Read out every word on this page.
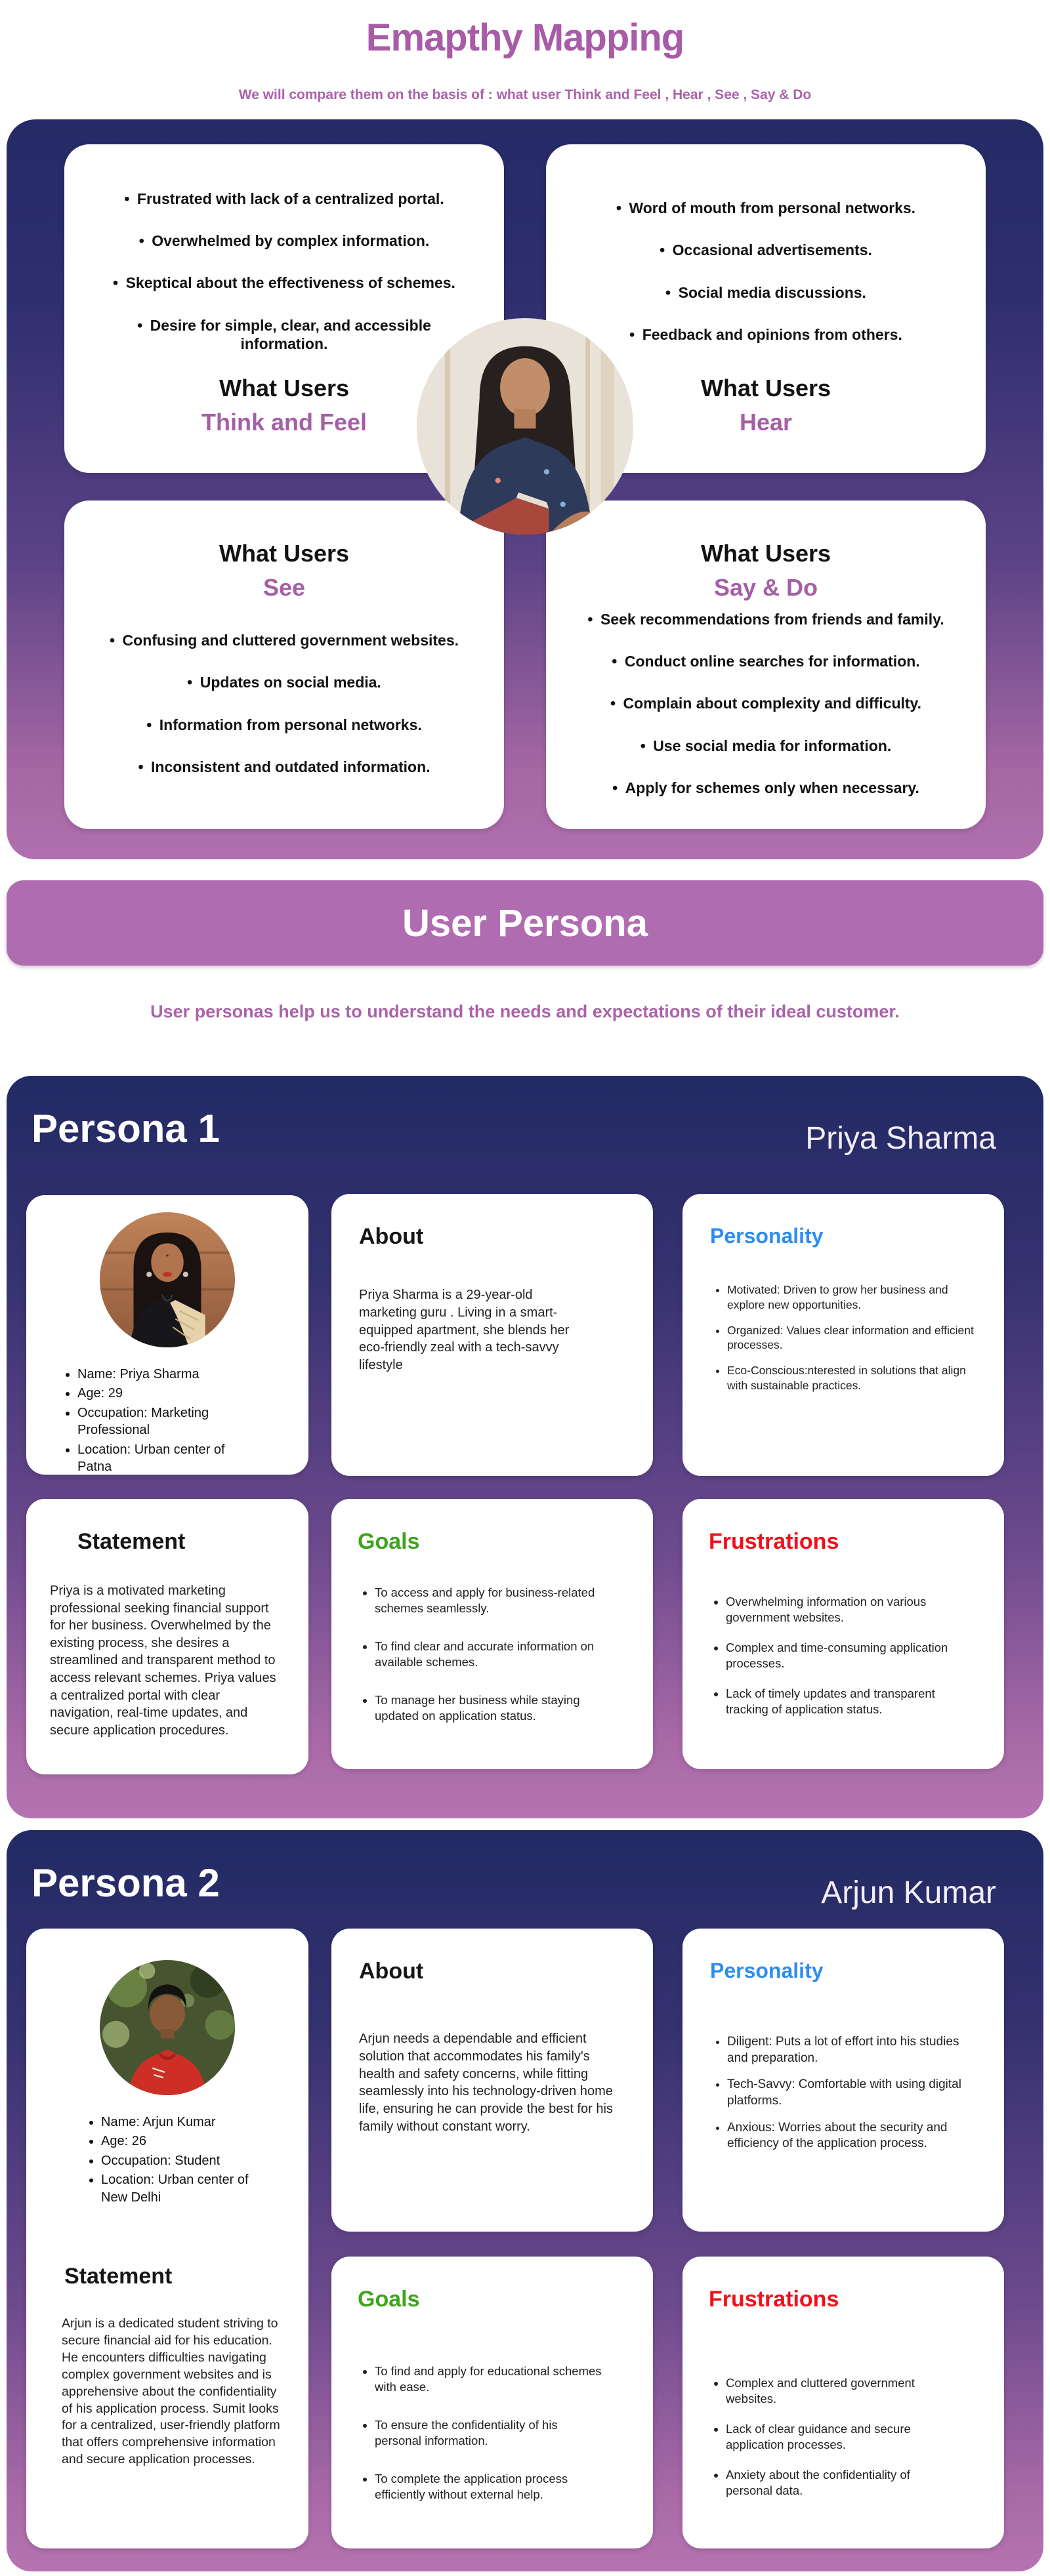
Emapthy Mapping
We will compare them on the basis of : what user Think and Feel , Hear , See , Say & Do
• Frustrated with lack of a centralized portal.
• Overwhelmed by complex information.
• Skeptical about the effectiveness of schemes.
• Desire for simple, clear, and accessible information.
What Users
Think and Feel
• Word of mouth from personal networks.
• Occasional advertisements.
• Social media discussions.
• Feedback and opinions from others.
What Users
Hear
What Users
See
• Confusing and cluttered government websites.
• Updates on social media.
• Information from personal networks.
• Inconsistent and outdated information.
What Users
Say & Do
• Seek recommendations from friends and family.
• Conduct online searches for information.
• Complain about complexity and difficulty.
• Use social media for information.
• Apply for schemes only when necessary.
User Persona
User personas help us to understand the needs and expectations of their ideal customer.
Persona 1	Priya Sharma
• Name: Priya Sharma
• Age: 29
• Occupation: Marketing Professional
• Location: Urban center of Patna
About

Priya Sharma is a 29-year-old marketing guru . Living in a smart-equipped apartment, she blends her eco-friendly zeal with a tech-savvy lifestyle

Personality
• Motivated: Driven to grow her business and explore new opportunities.
• Organized: Values clear information and efficient processes.
• Eco-Conscious:nterested in solutions that align with sustainable practices.
Statement

Priya is a motivated marketing professional seeking financial support for her business. Overwhelmed by the existing process, she desires a streamlined and transparent method to access relevant schemes. Priya values a centralized portal with clear navigation, real-time updates, and secure application procedures.

Goals
• To access and apply for business-related schemes seamlessly.
• To find clear and accurate information on available schemes.
• To manage her business while staying updated on application status.
Frustrations
• Overwhelming information on various government websites.
• Complex and time-consuming application processes.
• Lack of timely updates and transparent tracking of application status.
Persona 2	Arjun Kumar
• Name: Arjun Kumar
• Age: 26
• Occupation: Student
• Location: Urban center of New Delhi
Statement

Arjun is a dedicated student striving to secure financial aid for his education. He encounters difficulties navigating complex government websites and is apprehensive about the confidentiality of his application process. Sumit looks for a centralized, user-friendly platform that offers comprehensive information and secure application processes.

About

Arjun needs a dependable and efficient solution that accommodates his family's health and safety concerns, while fitting seamlessly into his technology-driven home life, ensuring he can provide the best for his family without constant worry.

Personality
• Diligent: Puts a lot of effort into his studies and preparation.
• Tech-Savvy: Comfortable with using digital platforms.
• Anxious: Worries about the security and efficiency of the application process.
Goals
• To find and apply for educational schemes with ease.
• To ensure the confidentiality of his personal information.
• To complete the application process efficiently without external help.
Frustrations
• Complex and cluttered government websites.
• Lack of clear guidance and secure application processes.
• Anxiety about the confidentiality of personal data.
